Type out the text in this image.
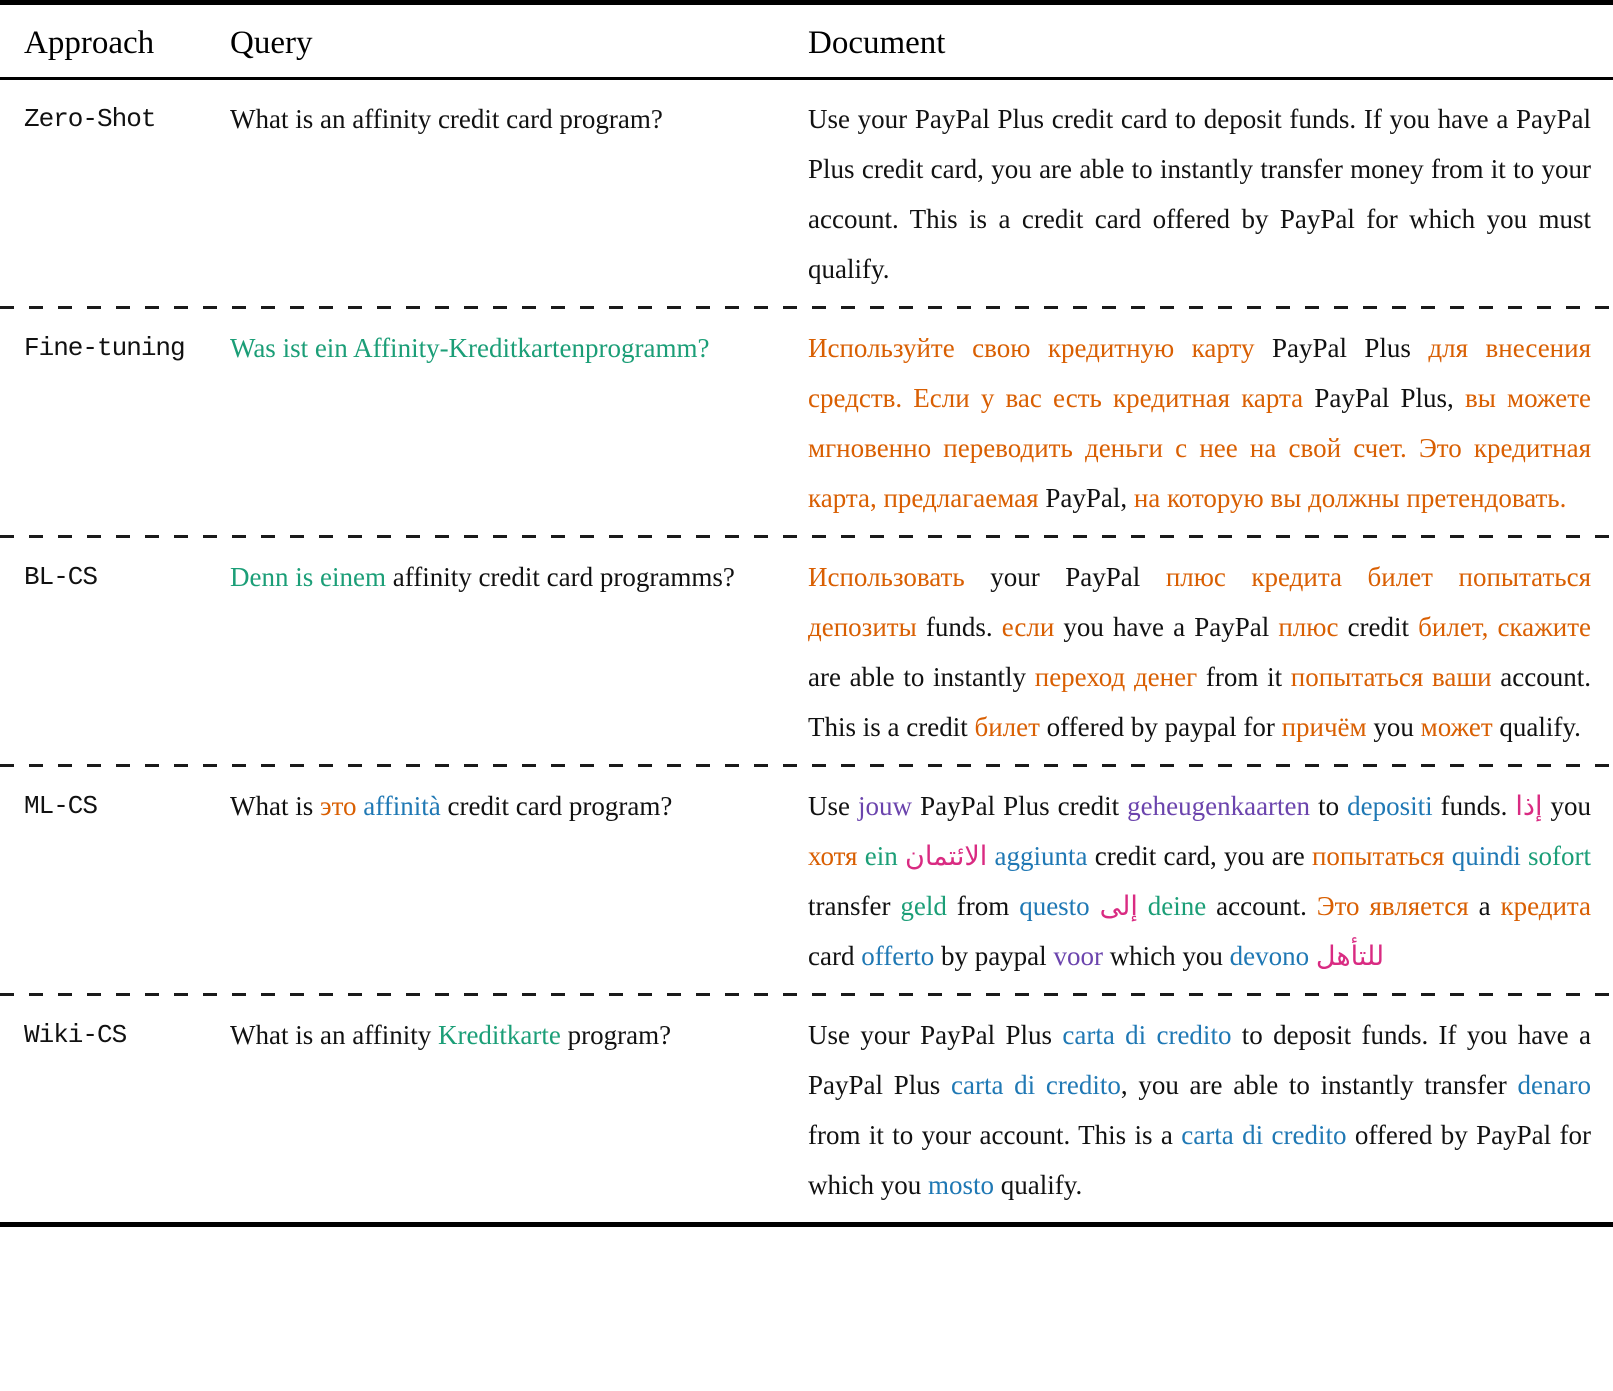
Approach	Query	Document
Zero-Shot	What is an affinity credit card program?	Use your PayPal Plus credit card to deposit funds. If you have a PayPal Plus credit card, you are able to instantly transfer money from it to your account. This is a credit card offered by PayPal for which you must qualify.
Fine-tuning	Was ist ein Affinity-Kreditkartenprogramm?	Используйте свою кредитную карту PayPal Plus для внесения средств. Если у вас есть кредитная карта PayPal Plus, вы можете мгновенно переводить деньги с нее на свой счет. Это кредитная карта, предлагаемая PayPal, на которую вы должны претендовать.
BL-CS	Denn is einem affinity credit card programms?	Использовать your PayPal плюс кредита билет попытаться депозиты funds. если you have a PayPal плюс credit билет, скажите are able to instantly переход денег from it попытаться ваши account. This is a credit билет offered by paypal for причём you может qualify.
ML-CS	What is это affinità credit card program?	Use jouw PayPal Plus credit geheugenkaarten to depositi funds. إذا you хотя ein الائتمان aggiunta credit card, you are попытаться quindi sofort transfer geld from questo إلى deine account. Это является a кредита card offerto by paypal voor which you devono للتأهل
Wiki-CS	What is an affinity Kreditkarte program?	Use your PayPal Plus carta di credito to deposit funds. If you have a PayPal Plus carta di credito, you are able to instantly transfer denaro from it to your account. This is a carta di credito offered by PayPal for which you mosto qualify.
